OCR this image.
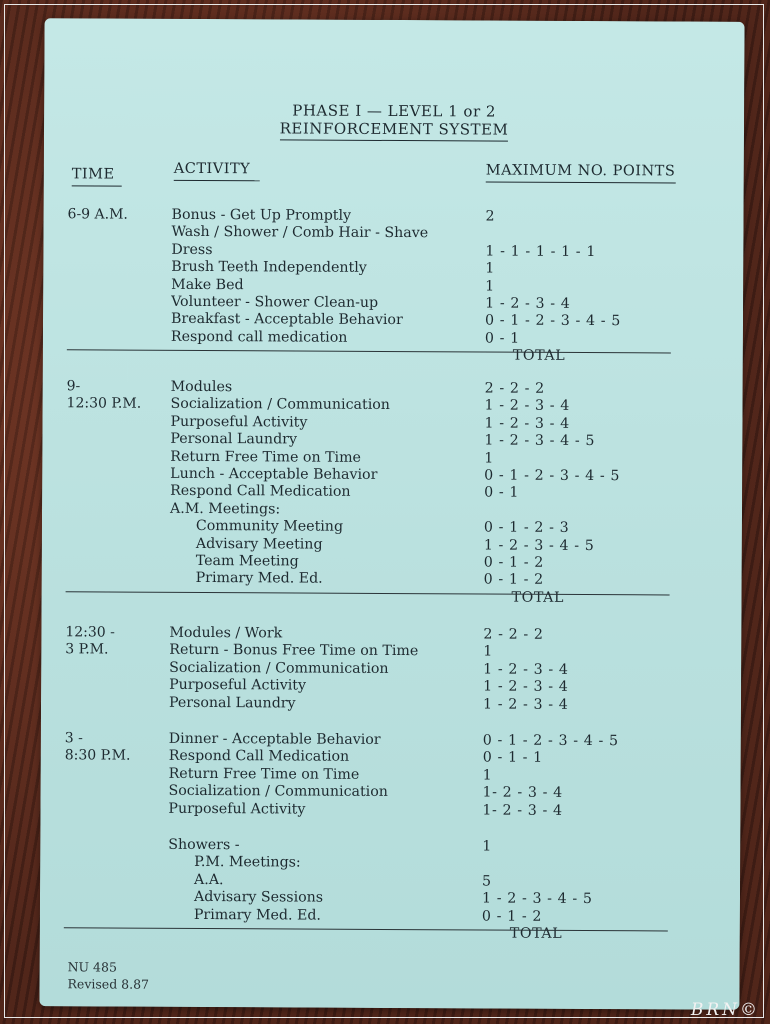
PHASE I — LEVEL 1 or 2
REINFORCEMENT SYSTEM
TIME	ACTIVITY	MAXIMUM NO. POINTS
6-9 A.M.	Bonus - Get Up Promptly	2
Wash / Shower / Comb Hair - Shave
Dress	1 - 1 - 1 - 1 - 1
Brush Teeth Independently	1
Make Bed	1
Volunteer - Shower Clean-up	1 - 2 - 3 - 4
Breakfast - Acceptable Behavior	0 - 1 - 2 - 3 - 4 - 5
Respond call medication	0 - 1
TOTAL
9-
12:30 P.M.
Modules	2 - 2 - 2
Socialization / Communication	1 - 2 - 3 - 4
Purposeful Activity	1 - 2 - 3 - 4
Personal Laundry	1 - 2 - 3 - 4 - 5
Return Free Time on Time	1
Lunch - Acceptable Behavior	0 - 1 - 2 - 3 - 4 - 5
Respond Call Medication	0 - 1
A.M. Meetings:
Community Meeting	0 - 1 - 2 - 3
Advisary Meeting	1 - 2 - 3 - 4 - 5
Team Meeting	0 - 1 - 2
Primary Med. Ed.	0 - 1 - 2
TOTAL
12:30 -
3 P.M.
Modules / Work	2 - 2 - 2
Return - Bonus Free Time on Time	1
Socialization / Communication	1 - 2 - 3 - 4
Purposeful Activity	1 - 2 - 3 - 4
Personal Laundry	1 - 2 - 3 - 4
3 -
8:30 P.M.
Dinner - Acceptable Behavior	0 - 1 - 2 - 3 - 4 - 5
Respond Call Medication	0 - 1 - 1
Return Free Time on Time	1
Socialization / Communication	1- 2 - 3 - 4
Purposeful Activity	1- 2 - 3 - 4
Showers -	1
P.M. Meetings:
A.A.	5
Advisary Sessions	1 - 2 - 3 - 4 - 5
Primary Med. Ed.	0 - 1 - 2
TOTAL
NU 485
Revised 8.87
BRN©
